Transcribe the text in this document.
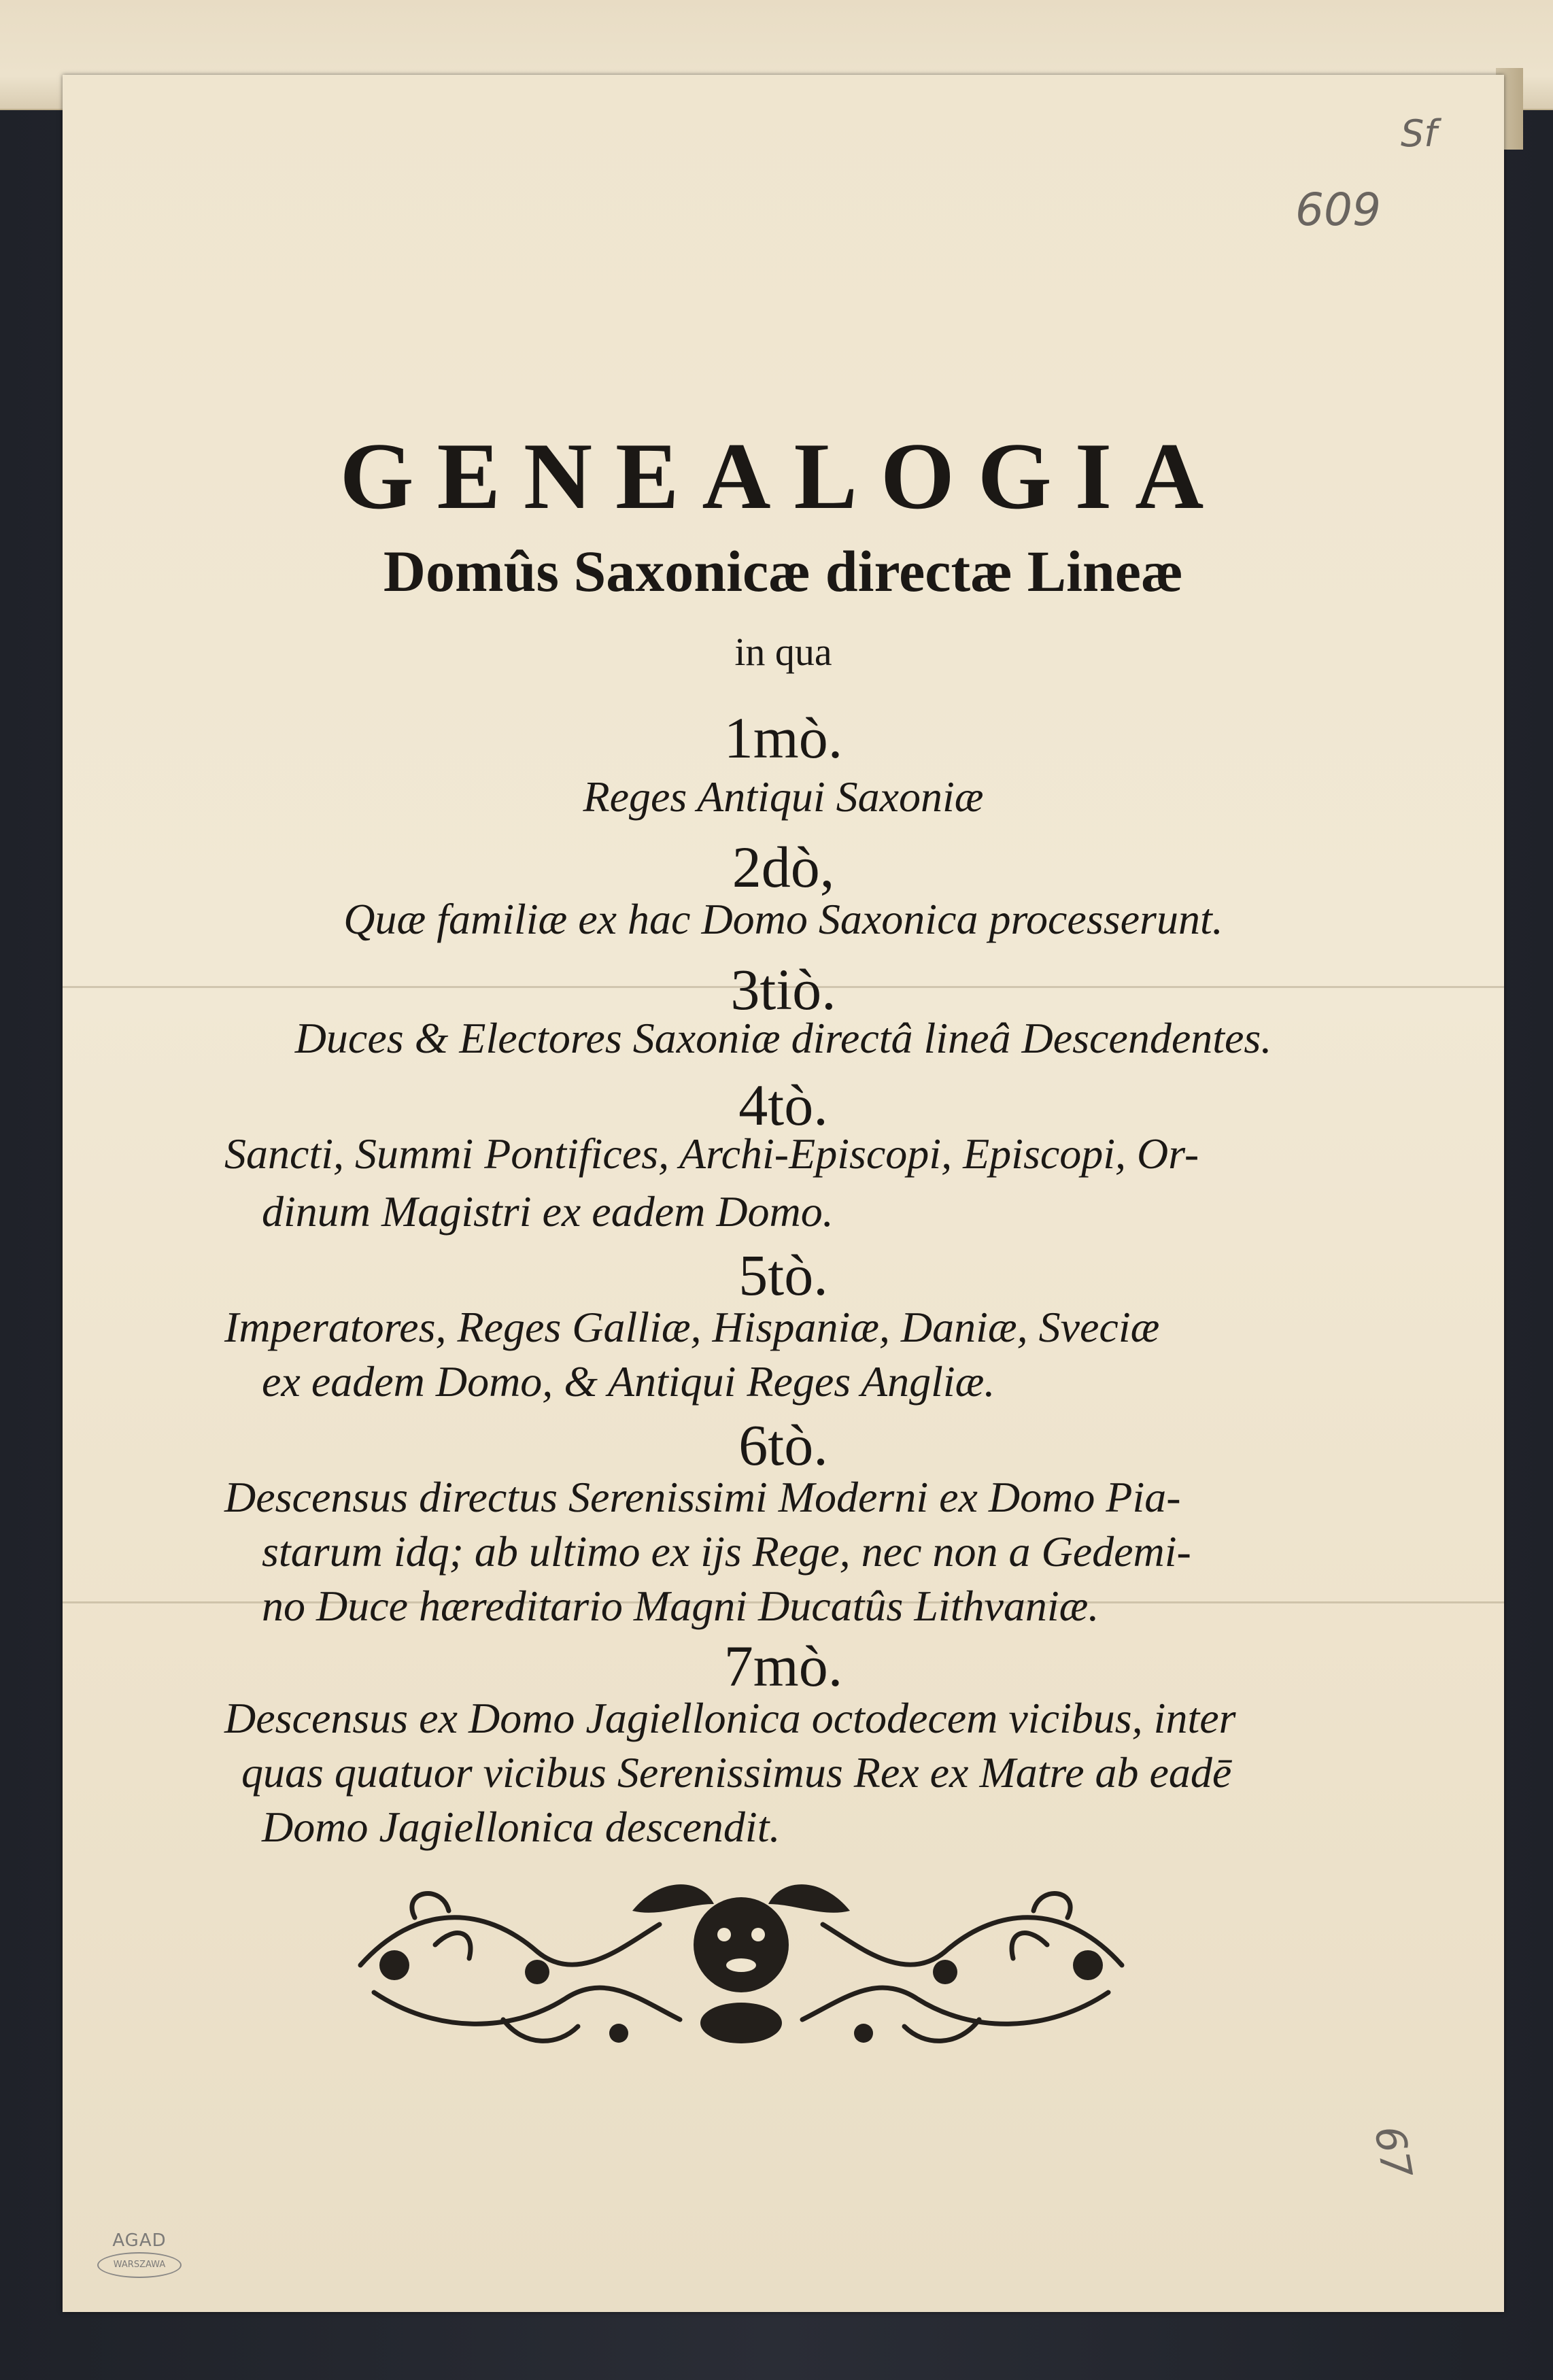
Sf
609
67
GENEALOGIA
Domûs Saxonicæ directæ Lineæ
in qua
1mò.
Reges Antiqui Saxoniæ
2dò,
Quæ familiæ ex hac Domo Saxonica processerunt.
3tiò.
Duces & Electores Saxoniæ directâ lineâ Descendentes.
4tò.
Sancti, Summi Pontifices, Archi-Episcopi, Episcopi, Or-
dinum Magistri ex eadem Domo.
5tò.
Imperatores, Reges Galliæ, Hispaniæ, Daniæ, Sveciæ
ex eadem Domo, & Antiqui Reges Angliæ.
6tò.
Descensus directus Serenissimi Moderni ex Domo Pia-
starum idq; ab ultimo ex ijs Rege, nec non a Gedemi-
no Duce hæreditario Magni Ducatûs Lithvaniæ.
7mò.
Descensus ex Domo Jagiellonica octodecem vicibus, inter
quas quatuor vicibus Serenissimus Rex ex Matre ab eadē
Domo Jagiellonica descendit.
AGAD
WARSZAWA
